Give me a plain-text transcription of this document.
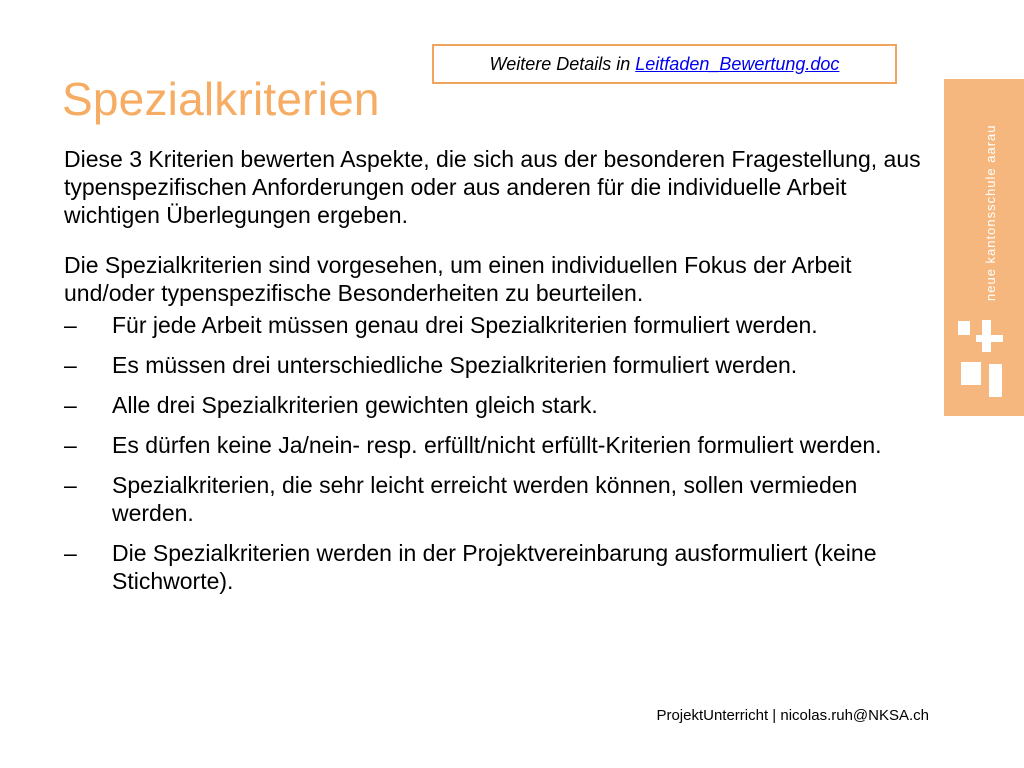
Spezialkriterien
Weitere Details in Leitfaden_Bewertung.doc
neue kantonsschule aarau

Diese 3 Kriterien bewerten Aspekte, die sich aus der besonderen Fragestellung, aus typenspezifischen Anforderungen oder aus anderen für die individuelle Arbeit wichtigen Überlegungen ergeben.

Die Spezialkriterien sind vorgesehen, um einen individuellen Fokus der Arbeit und/oder typenspezifische Besonderheiten zu beurteilen.

– Für jede Arbeit müssen genau drei Spezialkriterien formuliert werden.
– Es müssen drei unterschiedliche Spezialkriterien formuliert werden.
– Alle drei Spezialkriterien gewichten gleich stark.
– Es dürfen keine Ja/nein- resp. erfüllt/nicht erfüllt-Kriterien formuliert werden.
– Spezialkriterien, die sehr leicht erreicht werden können, sollen vermieden werden.
– Die Spezialkriterien werden in der Projektvereinbarung ausformuliert (keine Stichworte).
ProjektUnterricht | nicolas.ruh@NKSA.ch
